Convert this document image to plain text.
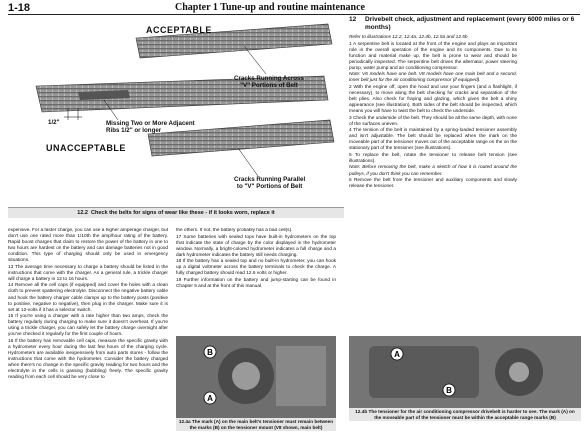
1-18	Chapter 1 Tune-up and routine maintenance
ACCEPTABLE
Cracks Running Across
"V" Portions of Belt
1/2"	Missing Two or More Adjacent
Ribs 1/2" or longer
UNACCEPTABLE
Cracks Running Parallel
to "V" Portions of Belt
12.2 Check the belts for signs of wear like these - if it looks worn, replace it

expensive. For a faster charge, you can use a higher amperage charger, but don't use one rated more than 1/10th the amp/hour rating of the battery. Rapid boost charges that claim to restore the power of the battery in one to two hours are hardest on the battery and can damage batteries not in good condition. This type of charging should only be used in emergency situations.

13 The average time necessary to charge a battery should be listed in the instructions that come with the charger. As a general rule, a trickle charger will charge a battery in 12 to 16 hours.

14 Remove all the cell caps (if equipped) and cover the holes with a clean cloth to prevent spattering electrolyte. Disconnect the negative battery cable and hook the battery charger cable clamps up to the battery posts (positive to positive, negative to negative), then plug in the charger. Make sure it is set at 12-volts if it has a selector switch.

15 If you're using a charger with a rate higher than two amps, check the battery regularly during charging to make sure it doesn't overheat. If you're using a trickle charger, you can safely let the battery charge overnight after you've checked it regularly for the first couple of hours.

16 If the battery has removable cell caps, measure the specific gravity with a hydrometer every hour during the last few hours of the charging cycle. Hydrometers are available inexpensively from auto parts stores - follow the instructions that come with the hydrometer. Consider the battery charged when there's no change in the specific gravity reading for two hours and the electrolyte in the cells is gassing (bubbling) freely. The specific gravity reading from each cell should be very close to

the others. If not, the battery probably has a bad cell(s).

17 Some batteries with sealed tops have built-in hydrometers on the top that indicate the state of charge by the color displayed in the hydrometer window. Normally, a bright-colored hydrometer indicates a full charge and a dark hydrometer indicates the battery still needs charging.

18 If the battery has a sealed top and no built-in hydrometer, you can hook up a digital voltmeter across the battery terminals to check the charge. A fully charged battery should read 12.6 volts or higher.

19 Further information on the battery and jump-starting can be found in Chapter 5 and at the front of this manual.

B
A
12.4a The mark (A) on the main belt's tensioner must remain between the marks (B) on the tensioner mount (V8 shown, main belt)
12	Drivebelt check, adjustment and replacement (every 6000 miles or 6 months)

Refer to illustrations 12.2, 12.4a, 12.4b, 12.5a and 12.5b

1 A serpentine belt is located at the front of the engine and plays an important role in the overall operation of the engine and its components. Due to its function and material make up, the belt is prone to wear and should be periodically inspected. The serpentine belt drives the alternator, power steering pump, water pump and air conditioning compressor.

Note: V6 models have one belt. V8 models have one main belt and a second, inner belt just for the air conditioning compressor (if equipped).

2 With the engine off, open the hood and use your fingers (and a flashlight, if necessary), to move along the belt checking for cracks and separation of the belt plies. Also check for fraying and glazing, which gives the belt a shiny appearance (see illustration). Both sides of the belt should be inspected, which means you will have to twist the belt to check the underside.

3 Check the underside of the belt. They should be all the same depth, with none of the surfaces uneven.

4 The tension of the belt is maintained by a spring-loaded tensioner assembly and isn't adjustable. The belt should be replaced when the mark on the moveable part of the tensioner moves out of the acceptable range on the on the stationary part of the tensioner (see illustrations).

5 To replace the belt, rotate the tensioner to release belt tension (see illustrations).

Note: Before removing the belt, make a sketch of how it is routed around the pulleys, if you don't think you can remember.

6 Remove the belt from the tensioner and auxiliary components and slowly release the tensioner.

A
B
12.4b The tensioner for the air conditioning compressor drivebelt is harder to see. The mark (A) on the moveable part of the tensioner must be within the acceptable range marks (B)
